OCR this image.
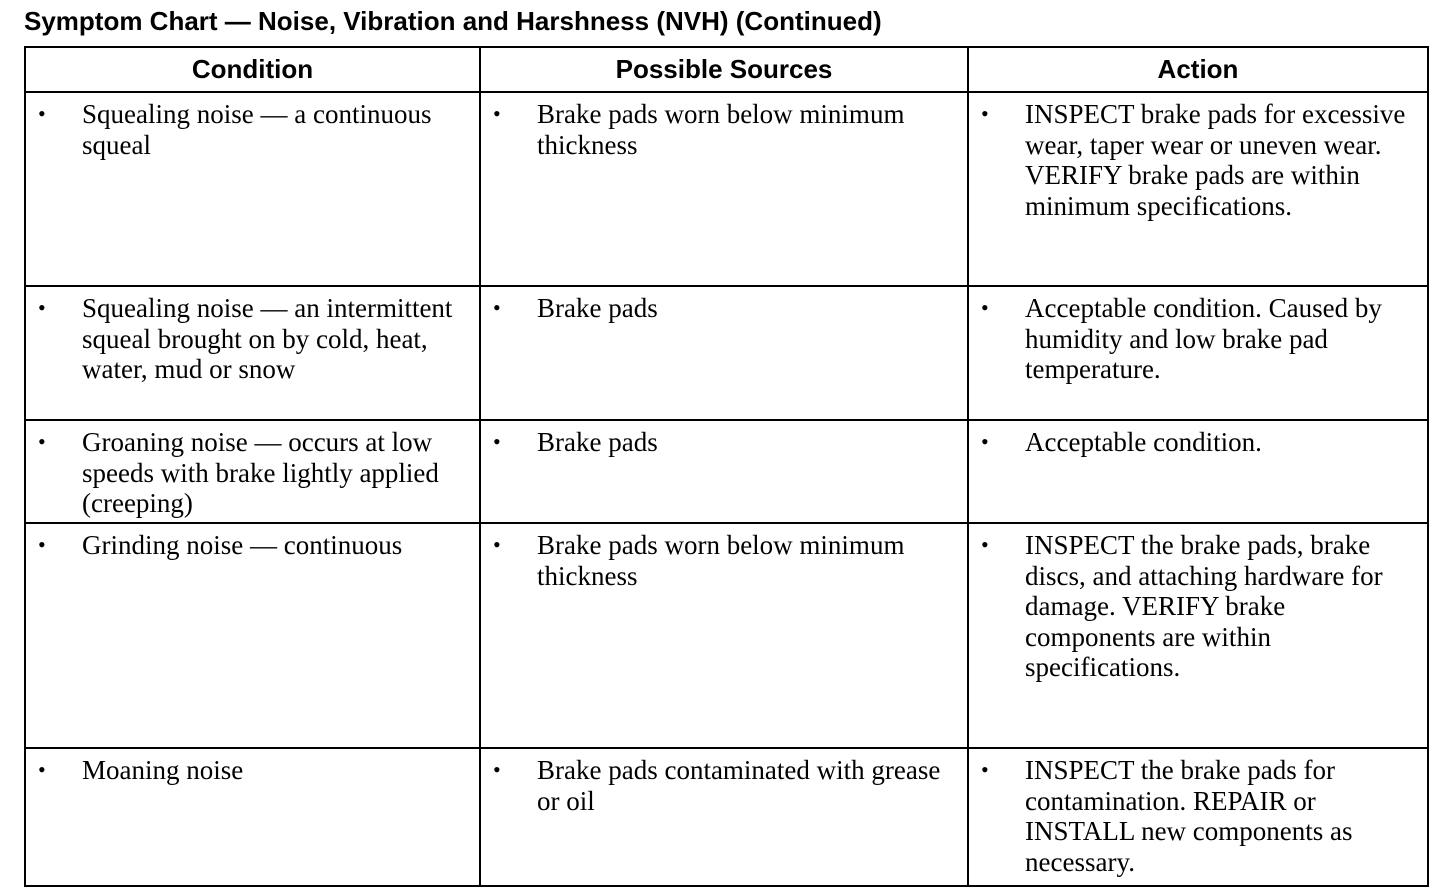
Symptom Chart — Noise, Vibration and Harshness (NVH) (Continued)
Condition	Possible Sources	Action

• Squealing noise — a continuous squeal	• Brake pads worn below minimum thickness	• INSPECT brake pads for excessive wear, taper wear or uneven wear. VERIFY brake pads are within minimum specifications.

• Squealing noise — an intermittent squeal brought on by cold, heat, water, mud or snow	• Brake pads	• Acceptable condition. Caused by humidity and low brake pad temperature.

• Groaning noise — occurs at low speeds with brake lightly applied (creeping)	• Brake pads	• Acceptable condition.

• Grinding noise — continuous	• Brake pads worn below minimum thickness	• INSPECT the brake pads, brake discs, and attaching hardware for damage. VERIFY brake components are within specifications.

• Moaning noise	• Brake pads contaminated with grease or oil	• INSPECT the brake pads for contamination. REPAIR or INSTALL new components as necessary.
